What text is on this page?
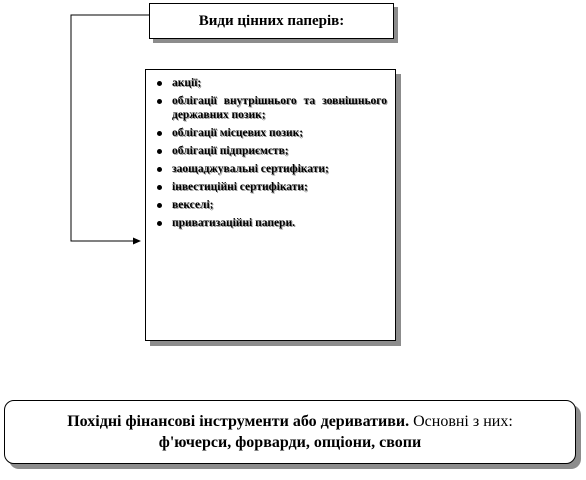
Види цінних паперів:
акції;
облігації внутрішнього та зовнішнього державних позик;
облігації місцевих позик;
облігації підприємств;
заощаджувальні сертифікати;
інвестиційні сертифікати;
векселі;
приватизаційні папери.
Похідні фінансові інструменти або деривативи. Основні з них:
ф'ючерси, форварди, опціони, свопи
